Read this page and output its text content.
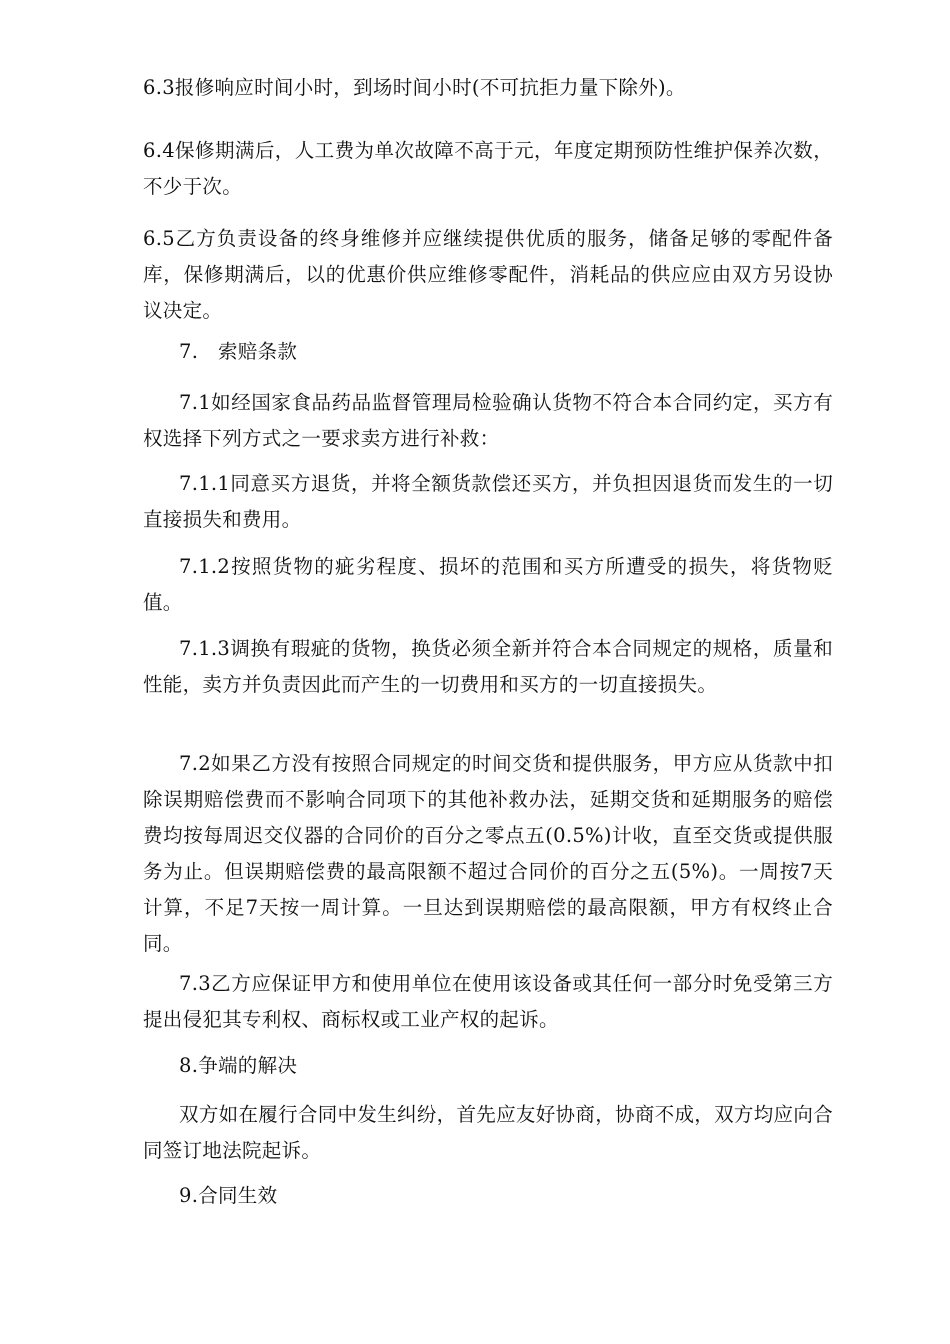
6.3报修响应时间小时，到场时间小时(不可抗拒力量下除外)。

6.4保修期满后，人工费为单次故障不高于元，年度定期预防性维护保养次数，不少于次。

6.5乙方负责设备的终身维修并应继续提供优质的服务，储备足够的零配件备库，保修期满后，以的优惠价供应维修零配件，消耗品的供应应由双方另设协议决定。

7.　索赔条款

7.1如经国家食品药品监督管理局检验确认货物不符合本合同约定，买方有权选择下列方式之一要求卖方进行补救：

7.1.1同意买方退货，并将全额货款偿还买方，并负担因退货而发生的一切直接损失和费用。

7.1.2按照货物的疵劣程度、损坏的范围和买方所遭受的损失，将货物贬值。

7.1.3调换有瑕疵的货物，换货必须全新并符合本合同规定的规格，质量和性能，卖方并负责因此而产生的一切费用和买方的一切直接损失。

7.2如果乙方没有按照合同规定的时间交货和提供服务，甲方应从货款中扣除误期赔偿费而不影响合同项下的其他补救办法，延期交货和延期服务的赔偿费均按每周迟交仪器的合同价的百分之零点五(0.5%)计收，直至交货或提供服务为止。但误期赔偿费的最高限额不超过合同价的百分之五(5%)。一周按7天计算，不足7天按一周计算。一旦达到误期赔偿的最高限额，甲方有权终止合同。

7.3乙方应保证甲方和使用单位在使用该设备或其任何一部分时免受第三方提出侵犯其专利权、商标权或工业产权的起诉。

8.争端的解决

双方如在履行合同中发生纠纷，首先应友好协商，协商不成，双方均应向合同签订地法院起诉。

9.合同生效
